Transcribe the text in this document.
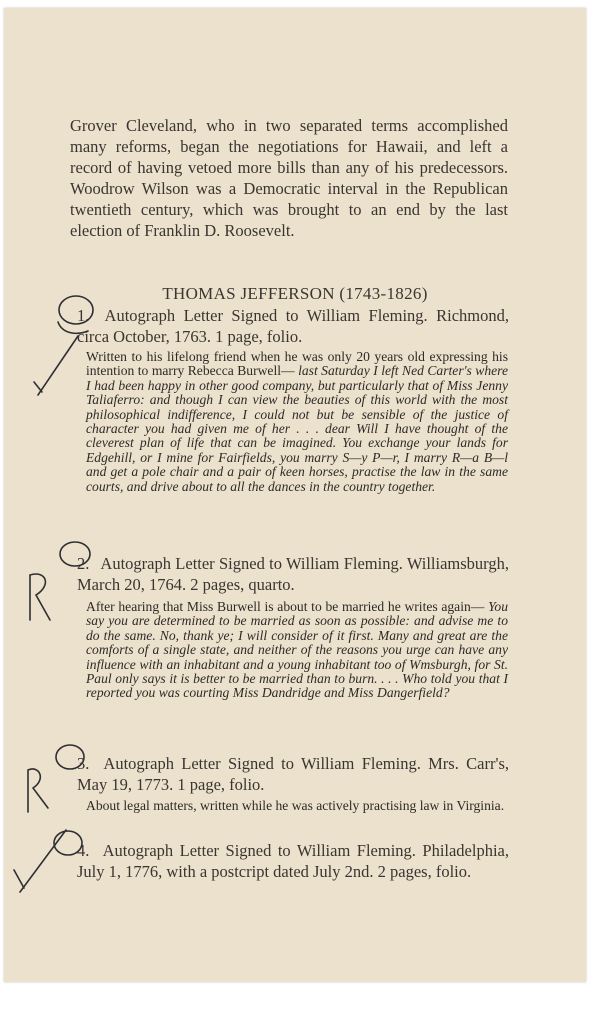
Grover Cleveland, who in two separated terms accomplished many reforms, began the negotiations for Hawaii, and left a record of having vetoed more bills than any of his predecessors. Woodrow Wilson was a Democratic interval in the Republican twentieth century, which was brought to an end by the last election of Franklin D. Roosevelt.
THOMAS JEFFERSON (1743-1826)
1. Autograph Letter Signed to William Fleming. Richmond, circa October, 1763. 1 page, folio.
Written to his lifelong friend when he was only 20 years old expressing his intention to marry Rebecca Burwell— last Saturday I left Ned Carter's where I had been happy in other good company, but particularly that of Miss Jenny Taliaferro: and though I can view the beauties of this world with the most philosophical indifference, I could not but be sensible of the justice of character you had given me of her . . . dear Will I have thought of the cleverest plan of life that can be imagined. You exchange your lands for Edgehill, or I mine for Fairfields, you marry S—y P—r, I marry R—a B—l and get a pole chair and a pair of keen horses, practise the law in the same courts, and drive about to all the dances in the country together.
2. Autograph Letter Signed to William Fleming. Williamsburgh, March 20, 1764. 2 pages, quarto.
After hearing that Miss Burwell is about to be married he writes again— You say you are determined to be married as soon as possible: and advise me to do the same. No, thank ye; I will consider of it first. Many and great are the comforts of a single state, and neither of the reasons you urge can have any influence with an inhabitant and a young inhabitant too of Wmsburgh, for St. Paul only says it is better to be married than to burn. . . . Who told you that I reported you was courting Miss Dandridge and Miss Dangerfield?
3. Autograph Letter Signed to William Fleming. Mrs. Carr's, May 19, 1773. 1 page, folio.
About legal matters, written while he was actively practising law in Virginia.
4. Autograph Letter Signed to William Fleming. Philadelphia, July 1, 1776, with a postcript dated July 2nd. 2 pages, folio.
